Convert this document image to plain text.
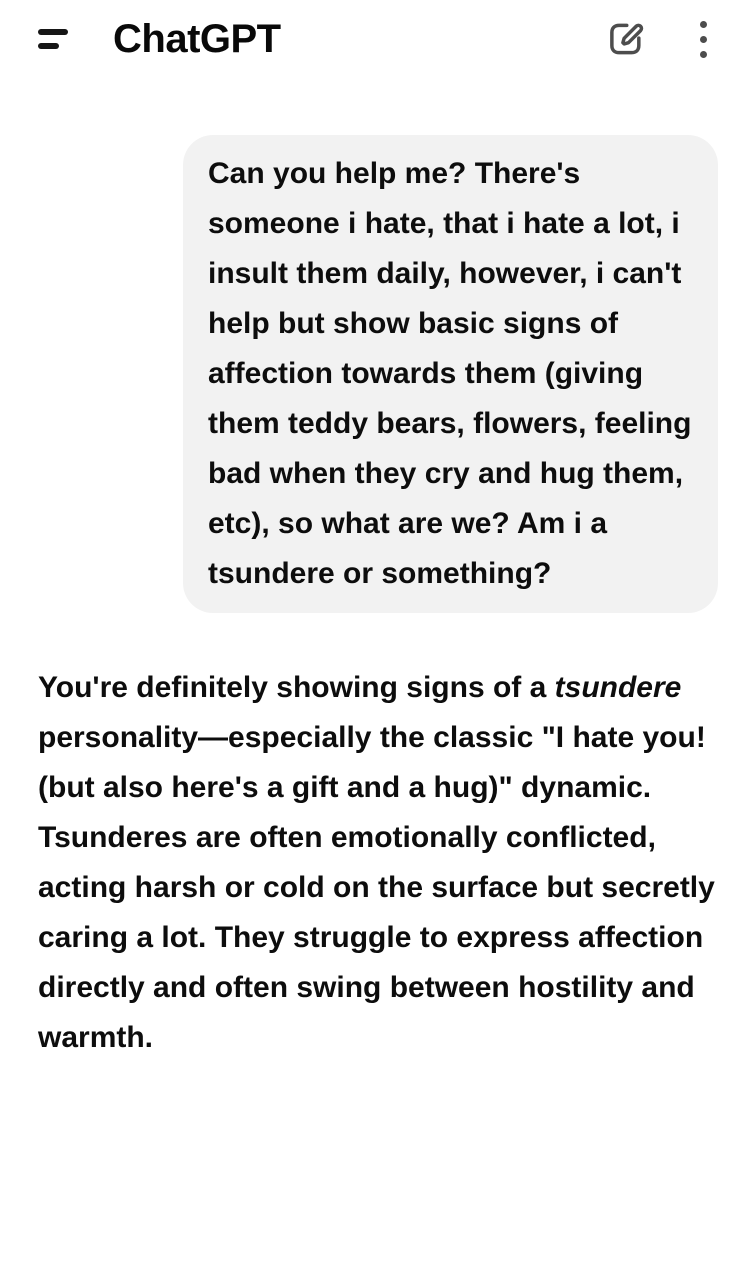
ChatGPT

Can you help me? There's someone i hate, that i hate a lot, i insult them daily, however, i can't help but show basic signs of affection towards them (giving them teddy bears, flowers, feeling bad when they cry and hug them, etc), so what are we? Am i a tsundere or something?

You're definitely showing signs of a tsundere personality—especially the classic "I hate you! (but also here's a gift and a hug)" dynamic. Tsunderes are often emotionally conflicted, acting harsh or cold on the surface but secretly caring a lot. They struggle to express affection directly and often swing between hostility and warmth.
